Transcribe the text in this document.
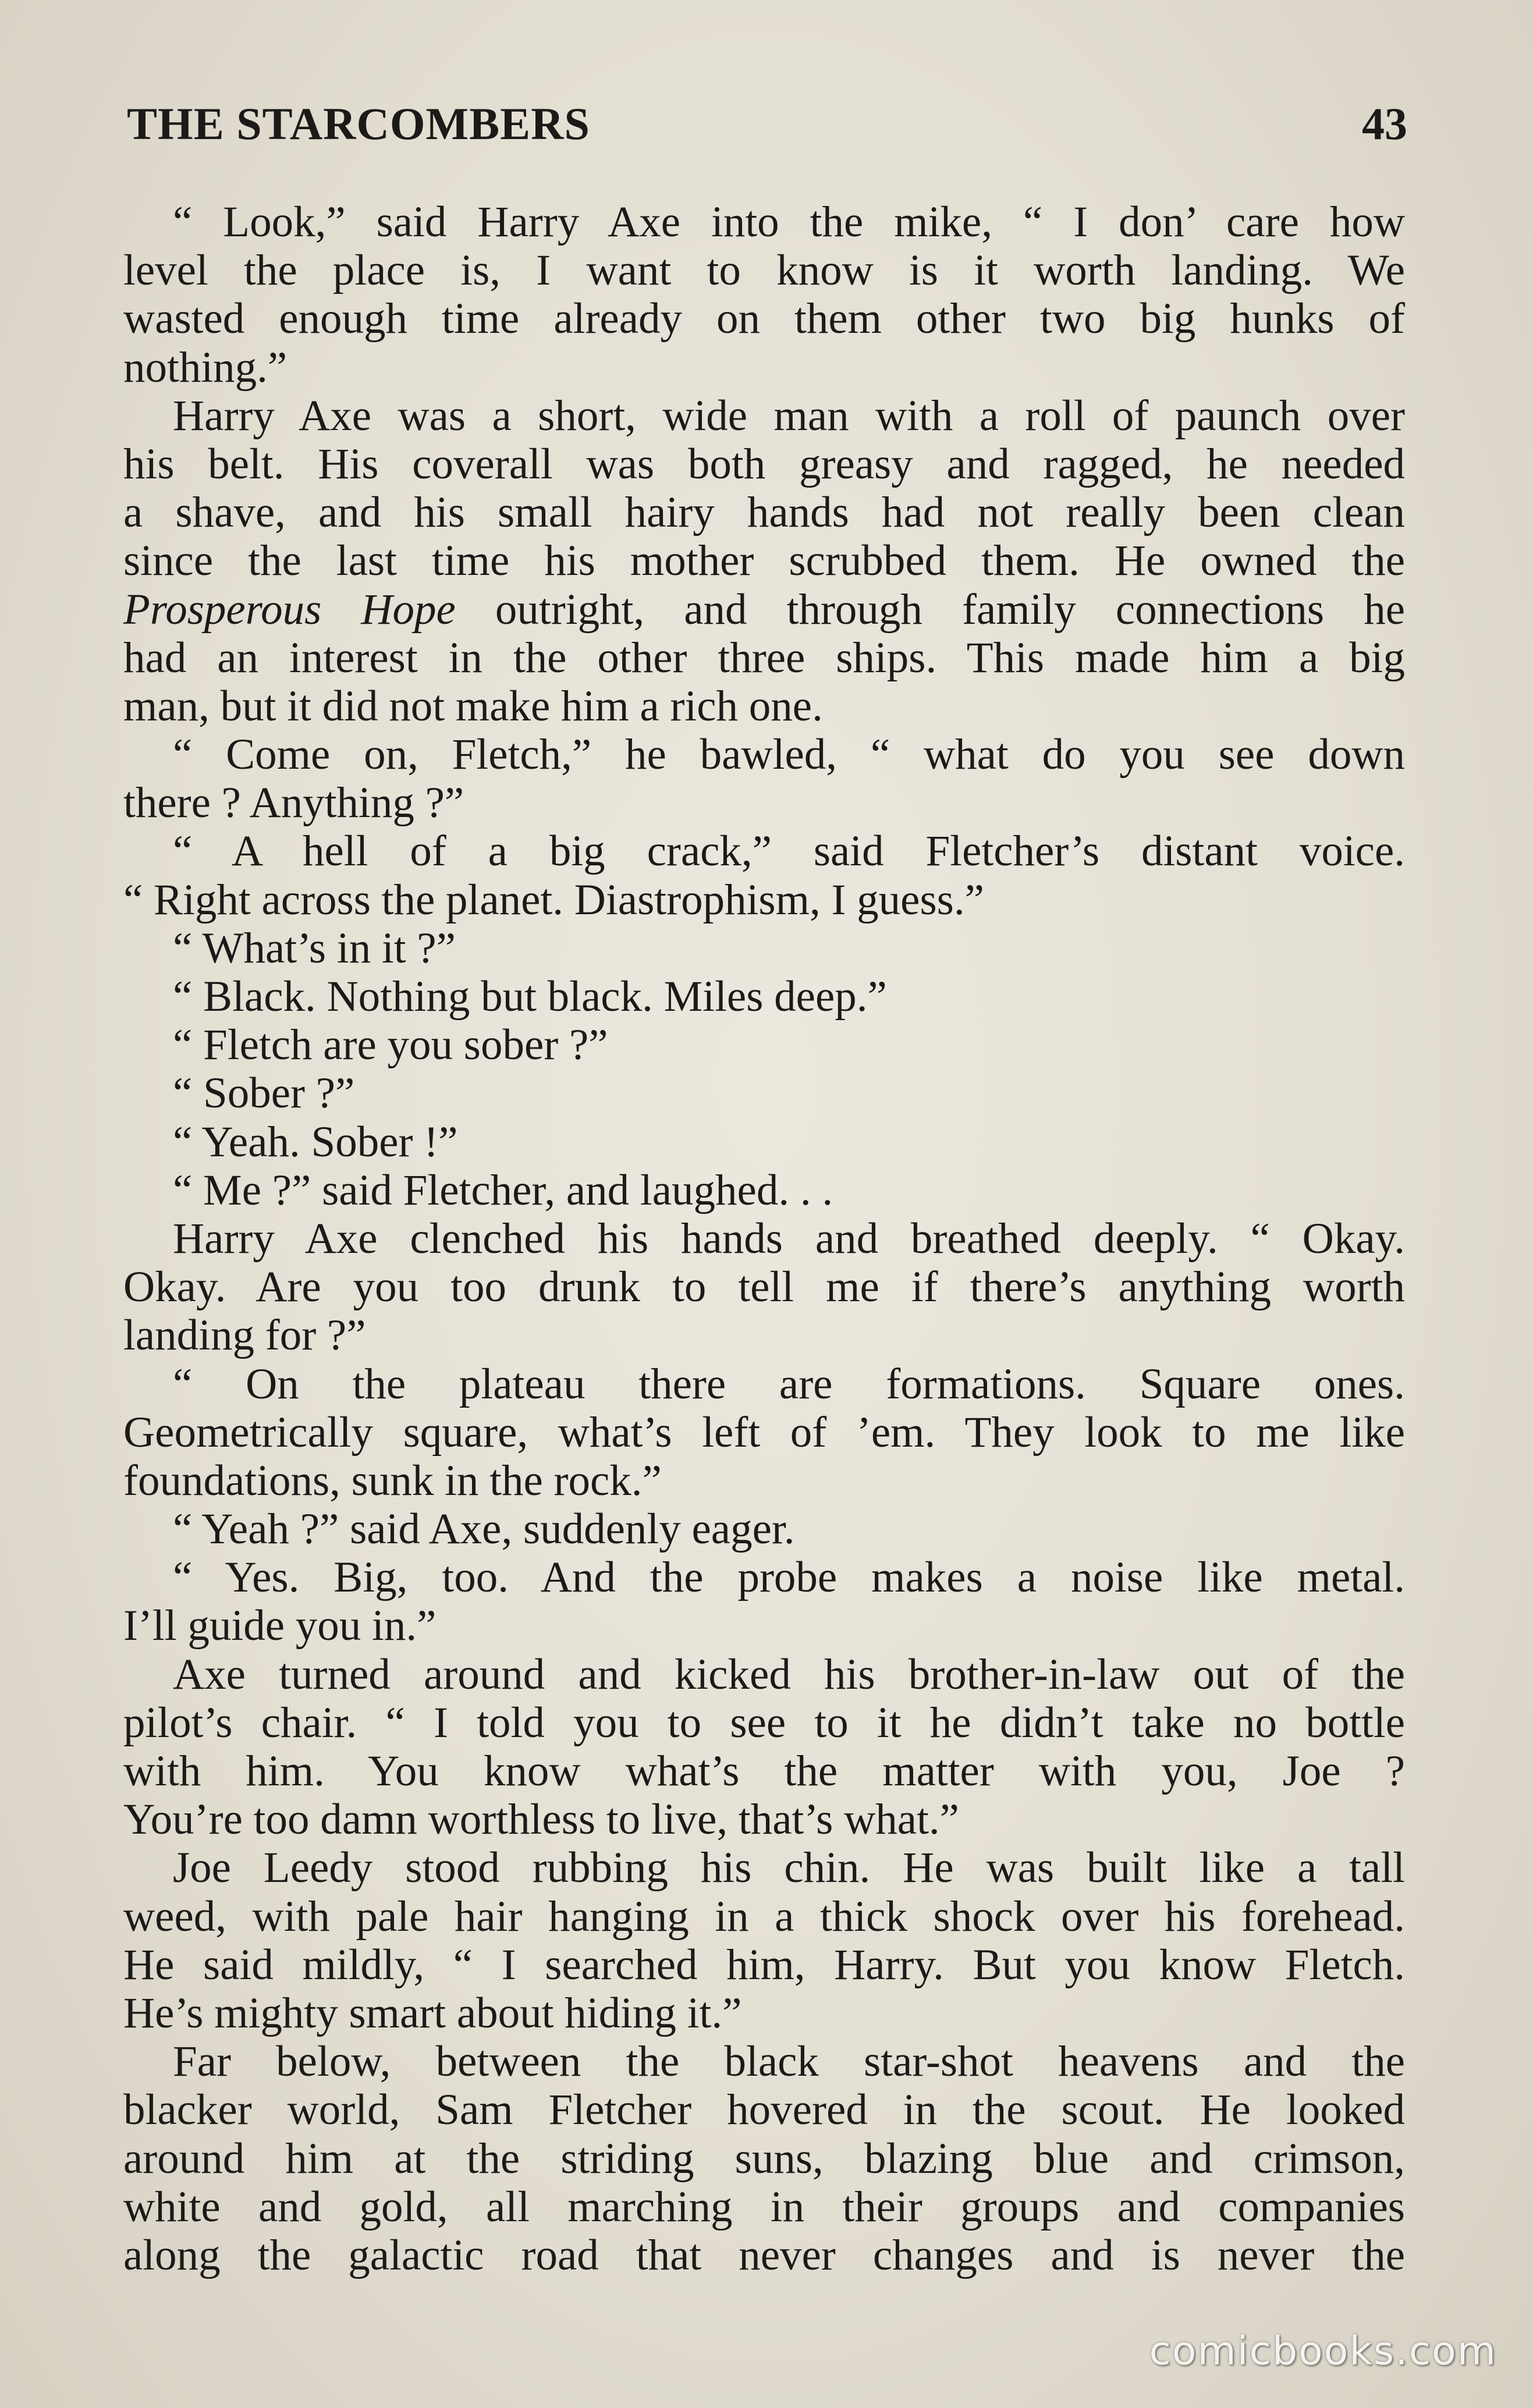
THE STARCOMBERS	43
“ Look,” said Harry Axe into the mike, “ I don’ care how
level the place is, I want to know is it worth landing. We
wasted enough time already on them other two big hunks of
nothing.”
Harry Axe was a short, wide man with a roll of paunch over
his belt. His coverall was both greasy and ragged, he needed
a shave, and his small hairy hands had not really been clean
since the last time his mother scrubbed them. He owned the
Prosperous Hope outright, and through family connections he
had an interest in the other three ships. This made him a big
man, but it did not make him a rich one.
“ Come on, Fletch,” he bawled, “ what do you see down
there ? Anything ?”
“ A hell of a big crack,” said Fletcher’s distant voice.
“ Right across the planet. Diastrophism, I guess.”
“ What’s in it ?”
“ Black. Nothing but black. Miles deep.”
“ Fletch are you sober ?”
“ Sober ?”
“ Yeah. Sober !”
“ Me ?” said Fletcher, and laughed. . .
Harry Axe clenched his hands and breathed deeply. “ Okay.
Okay. Are you too drunk to tell me if there’s anything worth
landing for ?”
“ On the plateau there are formations. Square ones.
Geometrically square, what’s left of ’em. They look to me like
foundations, sunk in the rock.”
“ Yeah ?” said Axe, suddenly eager.
“ Yes. Big, too. And the probe makes a noise like metal.
I’ll guide you in.”
Axe turned around and kicked his brother-in-law out of the
pilot’s chair. “ I told you to see to it he didn’t take no bottle
with him. You know what’s the matter with you, Joe ?
You’re too damn worthless to live, that’s what.”
Joe Leedy stood rubbing his chin. He was built like a tall
weed, with pale hair hanging in a thick shock over his forehead.
He said mildly, “ I searched him, Harry. But you know Fletch.
He’s mighty smart about hiding it.”
Far below, between the black star-shot heavens and the
blacker world, Sam Fletcher hovered in the scout. He looked
around him at the striding suns, blazing blue and crimson,
white and gold, all marching in their groups and companies
along the galactic road that never changes and is never the
comicbooks.com
